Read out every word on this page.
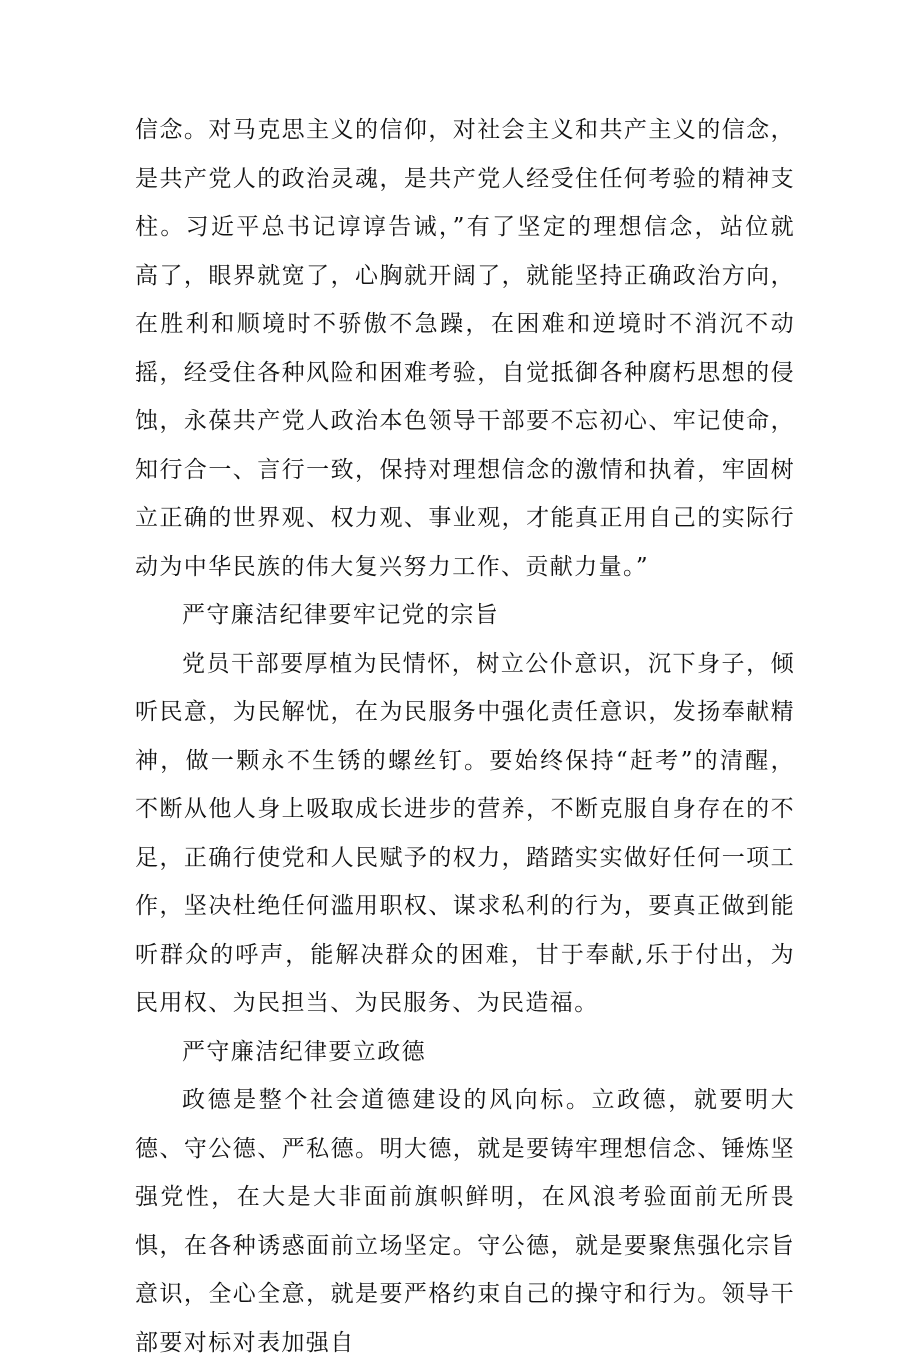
信念。对马克思主义的信仰，对社会主义和共产主义的信念，是共产党人的政治灵魂，是共产党人经受住任何考验的精神支柱。习近平总书记谆谆告诫，”有了坚定的理想信念，站位就高了，眼界就宽了，心胸就开阔了，就能坚持正确政治方向，在胜利和顺境时不骄傲不急躁，在困难和逆境时不消沉不动摇，经受住各种风险和困难考验，自觉抵御各种腐朽思想的侵蚀，永葆共产党人政治本色领导干部要不忘初心、牢记使命，知行合一、言行一致，保持对理想信念的激情和执着，牢固树立正确的世界观、权力观、事业观，才能真正用自己的实际行动为中华民族的伟大复兴努力工作、贡献力量。”

严守廉洁纪律要牢记党的宗旨

党员干部要厚植为民情怀，树立公仆意识，沉下身子，倾听民意，为民解忧，在为民服务中强化责任意识，发扬奉献精神，做一颗永不生锈的螺丝钉。要始终保持“赶考”的清醒，不断从他人身上吸取成长进步的营养，不断克服自身存在的不足，正确行使党和人民赋予的权力，踏踏实实做好任何一项工作，坚决杜绝任何滥用职权、谋求私利的行为，要真正做到能听群众的呼声，能解决群众的困难，甘于奉献,乐于付出，为民用权、为民担当、为民服务、为民造福。

严守廉洁纪律要立政德

政德是整个社会道德建设的风向标。立政德，就要明大德、守公德、严私德。明大德，就是要铸牢理想信念、锤炼坚强党性，在大是大非面前旗帜鲜明，在风浪考验面前无所畏惧，在各种诱惑面前立场坚定。守公德，就是要聚焦强化宗旨意识，全心全意，就是要严格约束自己的操守和行为。领导干部要对标对表加强自
